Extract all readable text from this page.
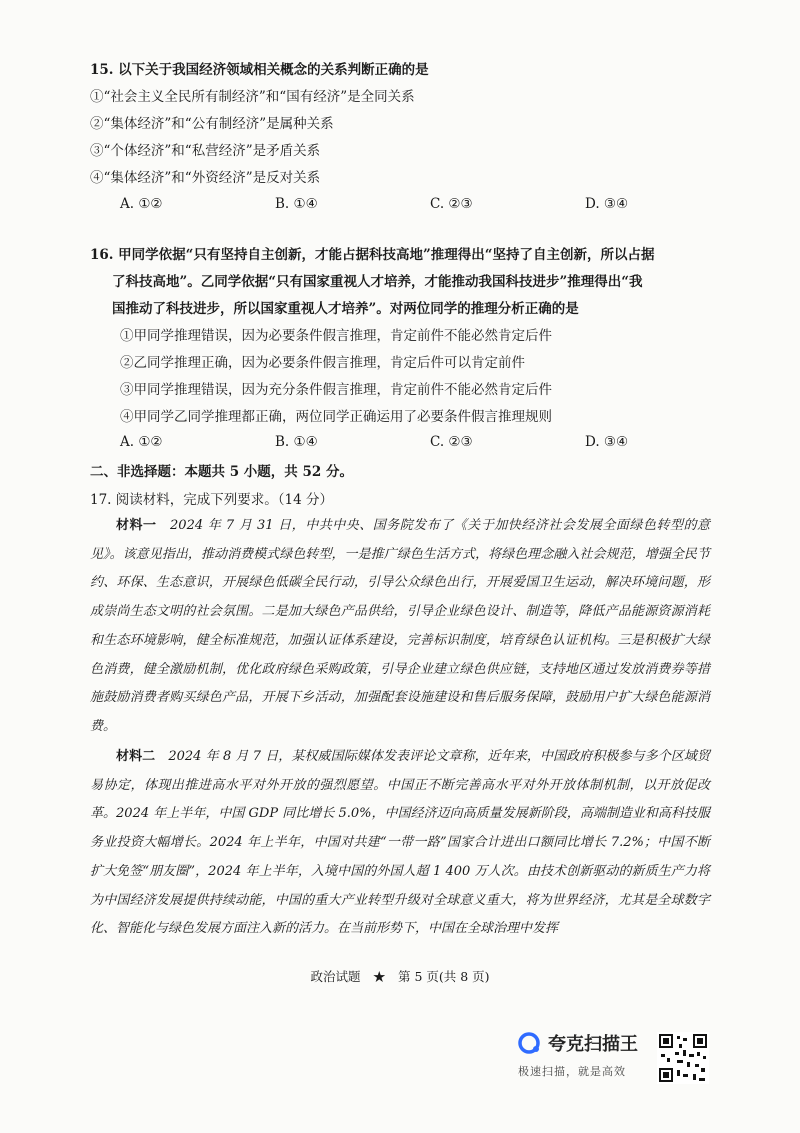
15. 以下关于我国经济领域相关概念的关系判断正确的是
①“社会主义全民所有制经济”和“国有经济”是全同关系
②“集体经济”和“公有制经济”是属种关系
③“个体经济”和“私营经济”是矛盾关系
④“集体经济”和“外资经济”是反对关系
A. ①②	B. ①④	C. ②③	D. ③④
16. 甲同学依据“只有坚持自主创新，才能占据科技高地”推理得出“坚持了自主创新，所以占据
了科技高地”。乙同学依据“只有国家重视人才培养，才能推动我国科技进步”推理得出“我
国推动了科技进步，所以国家重视人才培养”。对两位同学的推理分析正确的是
①甲同学推理错误，因为必要条件假言推理，肯定前件不能必然肯定后件
②乙同学推理正确，因为必要条件假言推理，肯定后件可以肯定前件
③甲同学推理错误，因为充分条件假言推理，肯定前件不能必然肯定后件
④甲同学乙同学推理都正确，两位同学正确运用了必要条件假言推理规则
A. ①②	B. ①④	C. ②③	D. ③④
二、非选择题：本题共 5 小题，共 52 分。
17. 阅读材料，完成下列要求。（14 分）
材料一　2024 年 7 月 31 日，中共中央、国务院发布了《关于加快经济社会发展全面绿色转型的意见》。该意见指出，推动消费模式绿色转型，一是推广绿色生活方式，将绿色理念融入社会规范，增强全民节约、环保、生态意识，开展绿色低碳全民行动，引导公众绿色出行，开展爱国卫生运动，解决环境问题，形成崇尚生态文明的社会氛围。二是加大绿色产品供给，引导企业绿色设计、制造等，降低产品能源资源消耗和生态环境影响，健全标准规范，加强认证体系建设，完善标识制度，培育绿色认证机构。三是积极扩大绿色消费，健全激励机制，优化政府绿色采购政策，引导企业建立绿色供应链，支持地区通过发放消费券等措施鼓励消费者购买绿色产品，开展下乡活动，加强配套设施建设和售后服务保障，鼓励用户扩大绿色能源消费。
材料二　2024 年 8 月 7 日，某权威国际媒体发表评论文章称，近年来，中国政府积极参与多个区域贸易协定，体现出推进高水平对外开放的强烈愿望。中国正不断完善高水平对外开放体制机制，以开放促改革。2024 年上半年，中国 GDP 同比增长 5.0%，中国经济迈向高质量发展新阶段，高端制造业和高科技服务业投资大幅增长。2024 年上半年，中国对共建“一带一路”国家合计进出口额同比增长 7.2%；中国不断扩大免签“朋友圈”，2024 年上半年，入境中国的外国人超 1 400 万人次。由技术创新驱动的新质生产力将为中国经济发展提供持续动能，中国的重大产业转型升级对全球意义重大，将为世界经济，尤其是全球数字化、智能化与绿色发展方面注入新的活力。在当前形势下，中国在全球治理中发挥
政治试题　★　第 5 页(共 8 页)
夸克扫描王
极速扫描，就是高效
